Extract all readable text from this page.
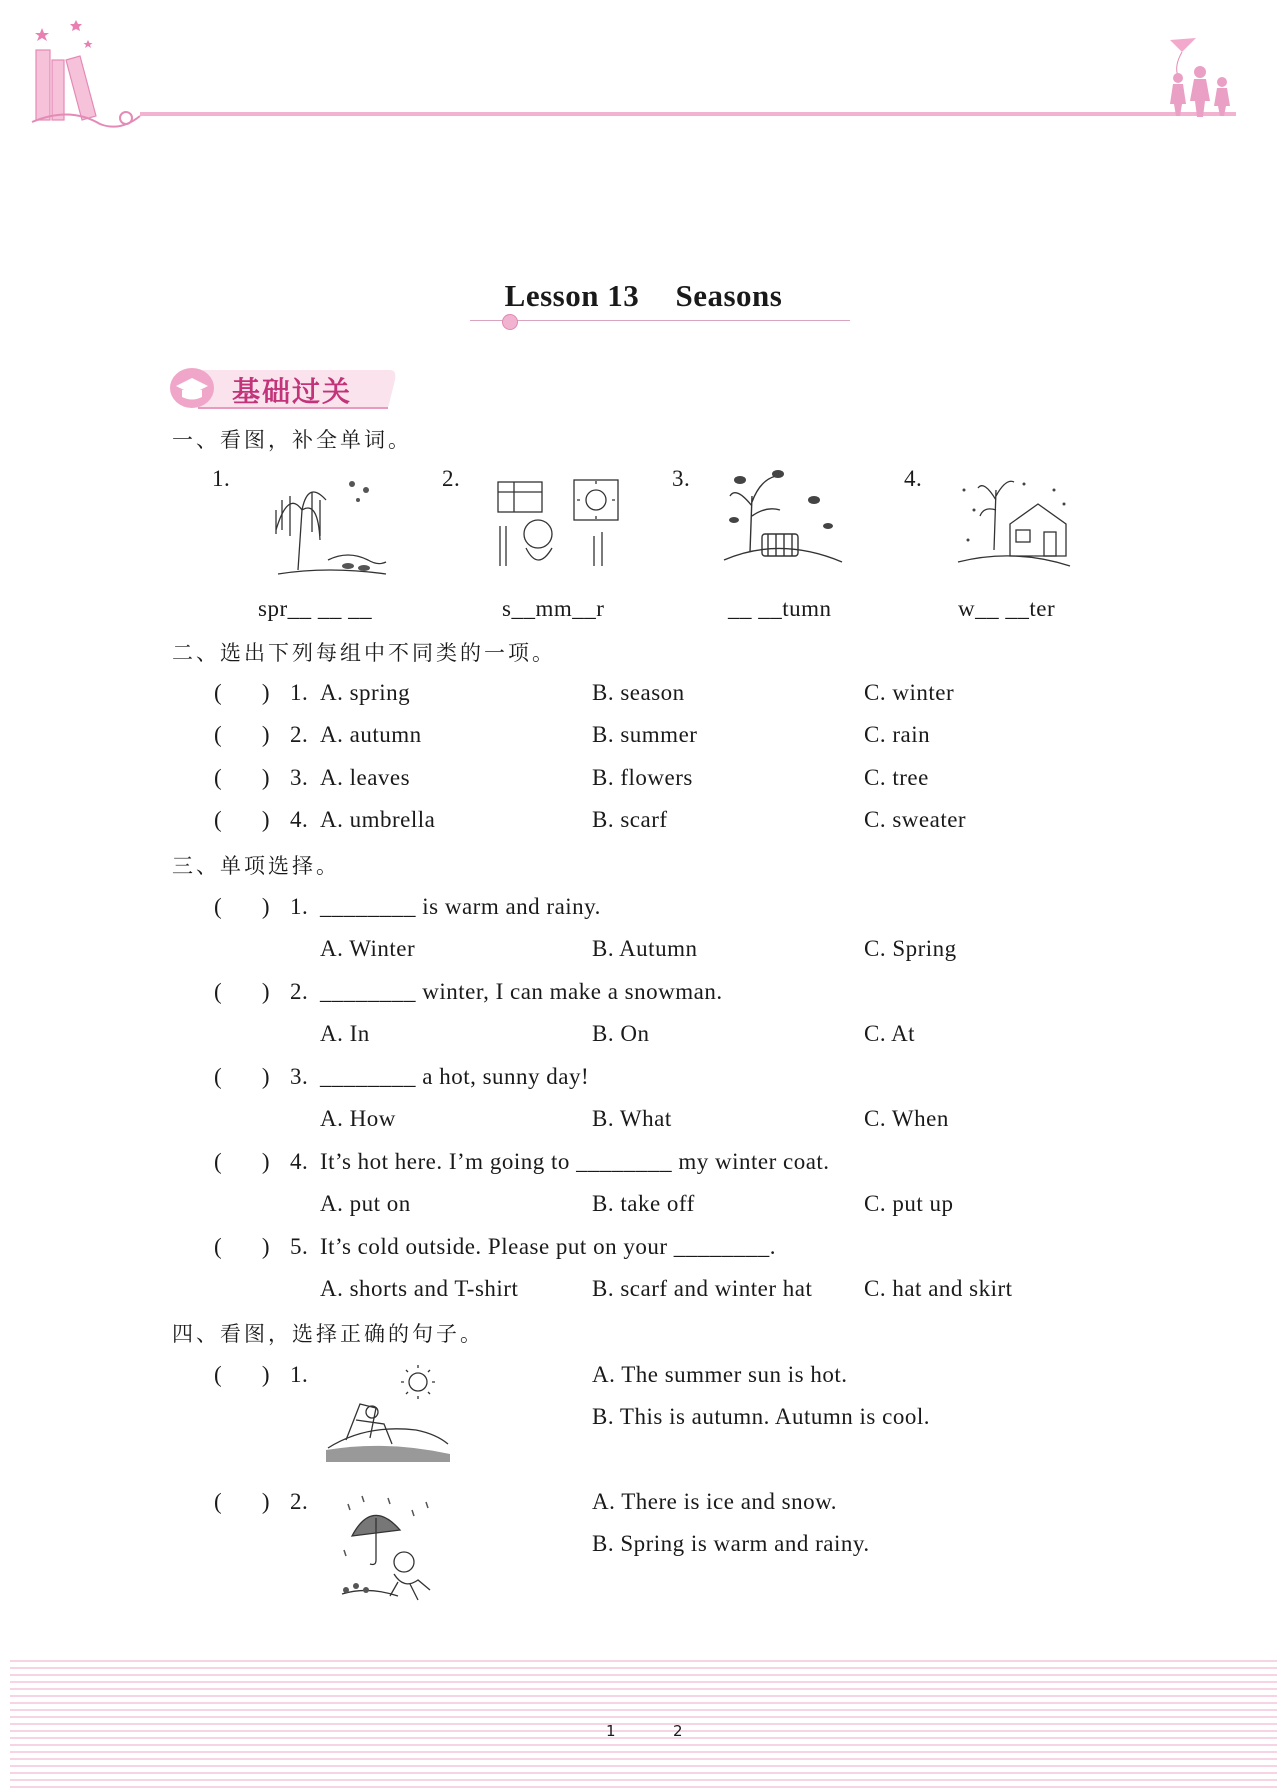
Lesson 13 Seasons
基础过关
一、看图，补全单词。
1.
spr__ __ __
2.
s__mm__r
3.
__ __tumn
4.
w__ __ter
二、选出下列每组中不同类的一项。
(       ) 1. A. spring	B. season	C. winter
(       ) 2. A. autumn	B. summer	C. rain
(       ) 3. A. leaves	B. flowers	C. tree
(       ) 4. A. umbrella	B. scarf	C. sweater
三、单项选择。
(       ) 1. ________ is warm and rainy.
A. Winter	B. Autumn	C. Spring
(       ) 2. ________ winter, I can make a snowman.
A. In	B. On	C. At
(       ) 3. ________ a hot, sunny day!
A. How	B. What	C. When
(       ) 4. It’s hot here. I’m going to ________ my winter coat.
A. put on	B. take off	C. put up
(       ) 5. It’s cold outside. Please put on your ________.
A. shorts and T-shirt	B. scarf and winter hat C. hat and skirt
四、看图，选择正确的句子。
(       ) 1.	A. The summer sun is hot.
B. This is autumn. Autumn is cool.
(       ) 2.	A. There is ice and snow.
B. Spring is warm and rainy.
1	2
